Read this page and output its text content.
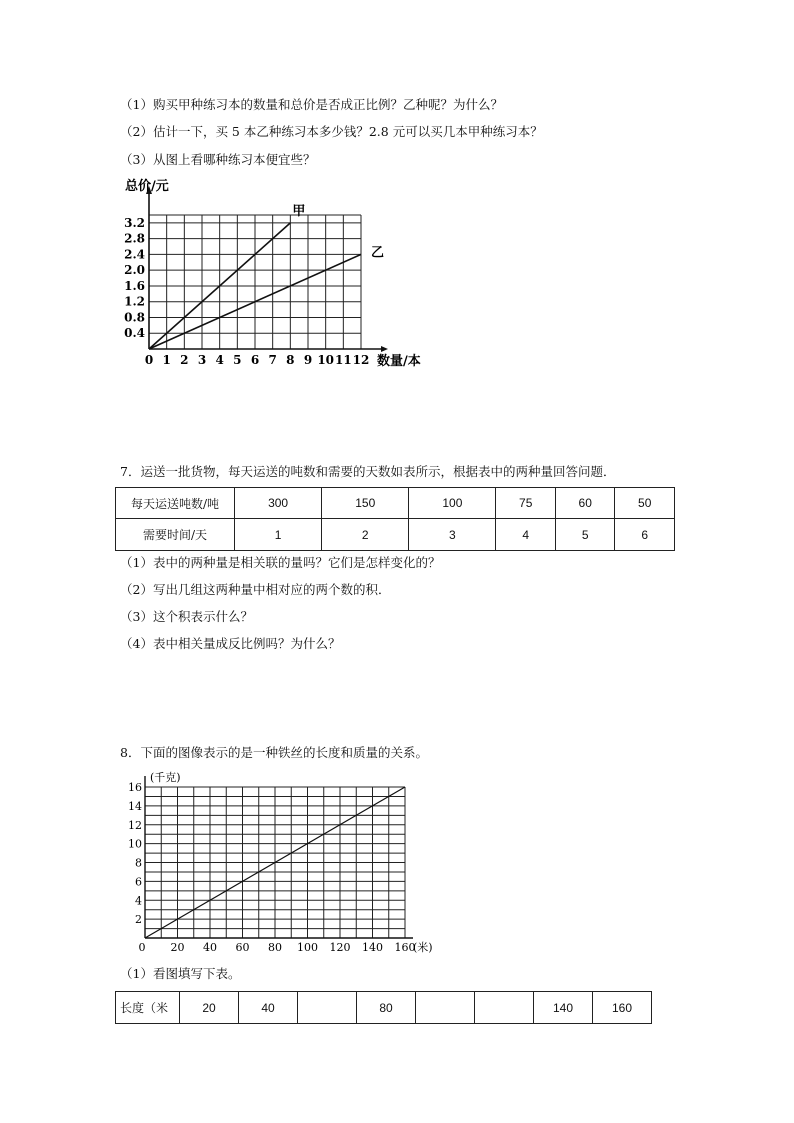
（1）购买甲种练习本的数量和总价是否成正比例？乙种呢？为什么？
（2）估计一下，买 5 本乙种练习本多少钱？2.8 元可以买几本甲种练习本？
（3）从图上看哪种练习本便宜些？
0 1 2 3 4 5 6 7 8 9 10 11 12
0.4
0.8
1.2
1.6
2.0
2.4
2.8
3.2
总价/元
数量/本
甲
乙
7．运送一批货物，每天运送的吨数和需要的天数如表所示，根据表中的两种量回答问题．
每天运送吨数/吨	300	150	100	75	60	50
需要时间/天	1	2	3	4	5	6
（1）表中的两种量是相关联的量吗？它们是怎样变化的？
（2）写出几组这两种量中相对应的两个数的积．
（3）这个积表示什么？
（4）表中相关量成反比例吗？为什么？
8．下面的图像表示的是一种铁丝的长度和质量的关系。
0 20 40 60 80 100 120 140 160
2
4
6
8
10
12
14
16
(千克)
(米)
（1）看图填写下表。
长度（米	20	40		80			140	160
